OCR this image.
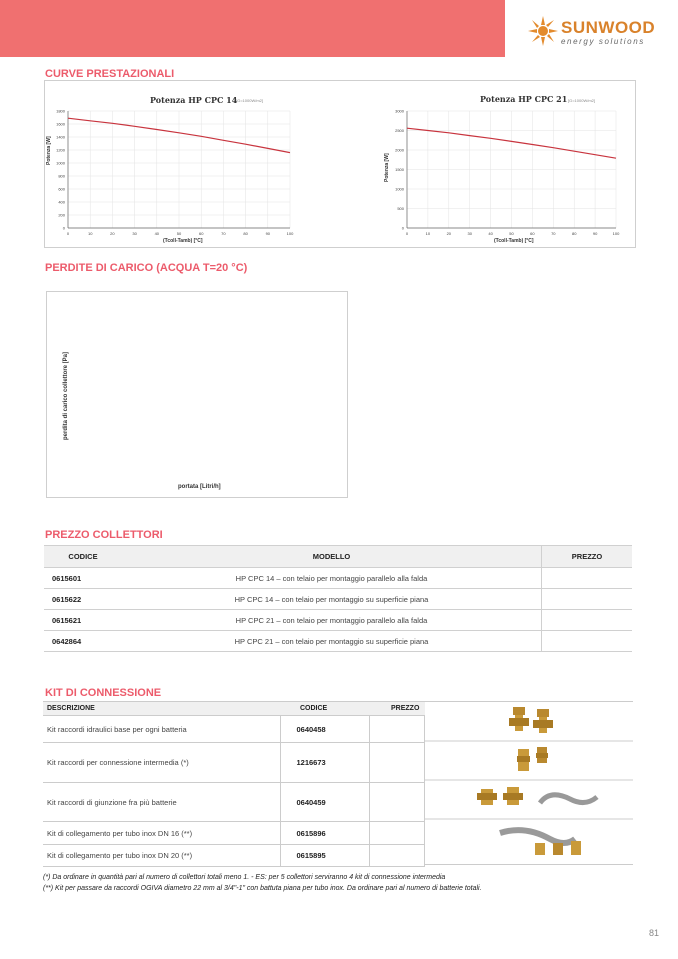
SUNWOOD
energy solutions
CURVE PRESTAZIONALI
Potenza HP CPC 14
[G=1000W/m2]
Potenza [W]
0
200
400
600
800
1000
1200
1400
1600
1800
0	10	20	30	40	50	60	70	80	90	100
0
500
1000
1500
2000
2500
3000
0	10	20	30	40	50	60	70	80	90	100
(Tcoll-Tamb) [°C]
Potenza HP CPC 21 [G=1000W/m2]
Potenza [W]
(Tcoll-Tamb) [°C]
PERDITE DI CARICO (ACQUA T=20 °C)
perdita di carico collettore [Pa]
portata [Litri/h]
PREZZO COLLETTORI
CODICE	MODELLO	PREZZO
0615601	HP CPC 14 – con telaio per montaggio parallelo alla falda	
0615622	HP CPC 14 – con telaio per montaggio su superficie piana	
0615621	HP CPC 21 – con telaio per montaggio parallelo alla falda	
0642864	HP CPC 21 – con telaio per montaggio su superficie piana	
KIT DI CONNESSIONE
DESCRIZIONE	CODICE	PREZZO
Kit raccordi idraulici base per ogni batteria	0640458	
Kit raccordi per connessione intermedia (*)	1216673	
Kit raccordi di giunzione fra più batterie	0640459	
Kit di collegamento per tubo inox DN 16 (**)	0615896	
Kit di collegamento per tubo inox DN 20 (**)	0615895	
(*) Da ordinare in quantità pari al numero di collettori totali meno 1. - ES: per 5 collettori serviranno 4 kit di connessione intermedia
(**) Kit per passare da raccordi OGIVA diametro 22 mm al 3/4"-1" con battuta piana per tubo inox. Da ordinare pari al numero di batterie totali.
81
